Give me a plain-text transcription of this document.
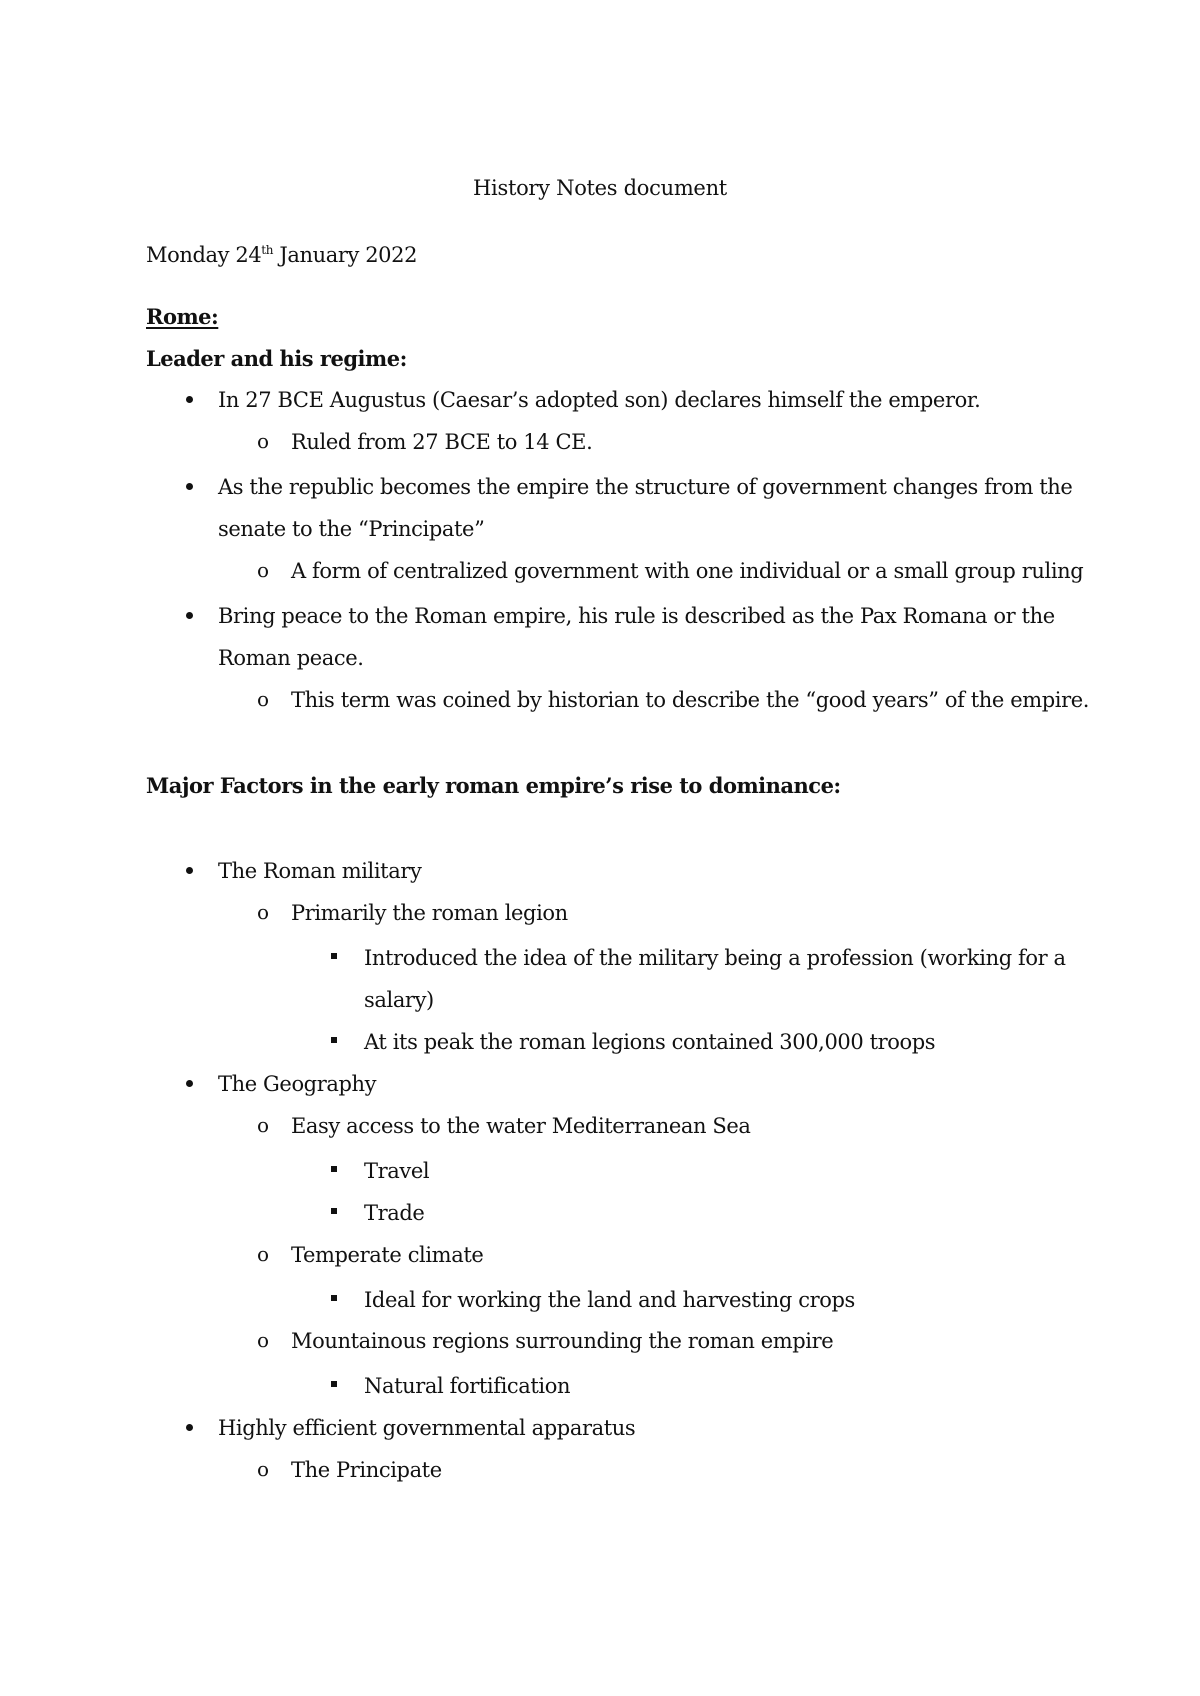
History Notes document
Monday 24th January 2022
Rome:
Leader and his regime:
In 27 BCE Augustus (Caesar’s adopted son) declares himself the emperor.
o Ruled from 27 BCE to 14 CE.
As the republic becomes the empire the structure of government changes from the
senate to the “Principate”
o A form of centralized government with one individual or a small group ruling
Bring peace to the Roman empire, his rule is described as the Pax Romana or the
Roman peace.
o This term was coined by historian to describe the “good years” of the empire.
Major Factors in the early roman empire’s rise to dominance:
The Roman military
o Primarily the roman legion
Introduced the idea of the military being a profession (working for a
salary)
At its peak the roman legions contained 300,000 troops
The Geography
o Easy access to the water Mediterranean Sea
Travel
Trade
o Temperate climate
Ideal for working the land and harvesting crops
o Mountainous regions surrounding the roman empire
Natural fortification
Highly efficient governmental apparatus
o The Principate
